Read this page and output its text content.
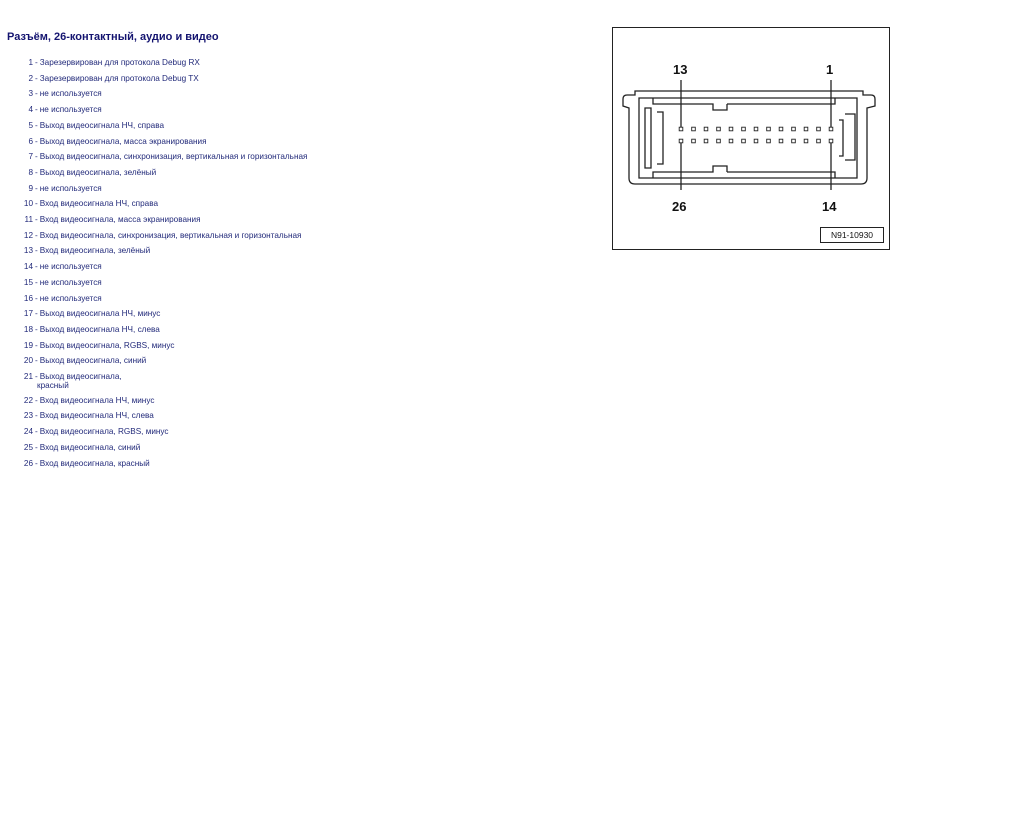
Разъём, 26-контактный, аудио и видео
1 - Зарезервирован для протокола Debug RX
2 - Зарезервирован для протокола Debug TX
3 - не используется
4 - не используется
5 - Выход видеосигнала НЧ, справа
6 - Выход видеосигнала, масса экранирования
7 - Выход видеосигнала, синхронизация, вертикальная и горизонтальная
8 - Выход видеосигнала, зелёный
9 - не используется
10 - Вход видеосигнала НЧ, справа
11 - Вход видеосигнала, масса экранирования
12 - Вход видеосигнала, синхронизация, вертикальная и горизонтальная
13 - Вход видеосигнала, зелёный
14 - не используется
15 - не используется
16 - не используется
17 - Выход видеосигнала НЧ, минус
18 - Выход видеосигнала НЧ, слева
19 - Выход видеосигнала, RGBS, минус
20 - Выход видеосигнала, синий
21 - Выход видеосигнала,
красный
22 - Вход видеосигнала НЧ, минус
23 - Вход видеосигнала НЧ, слева
24 - Вход видеосигнала, RGBS, минус
25 - Вход видеосигнала, синий
26 - Вход видеосигнала, красный
13	1
26	14
N91-10930
